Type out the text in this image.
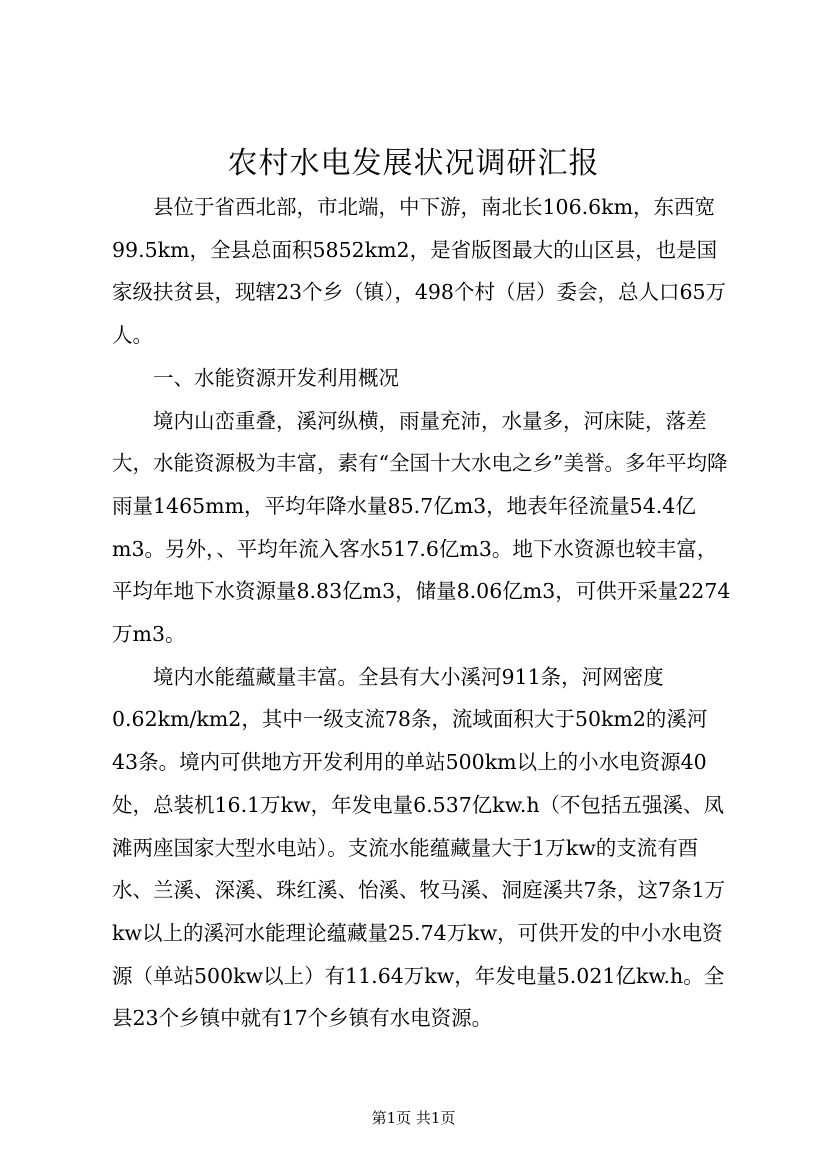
农村水电发展状况调研汇报

县位于省西北部，市北端，中下游，南北长106.6km，东西宽99.5km，全县总面积5852km2，是省版图最大的山区县，也是国家级扶贫县，现辖23个乡（镇），498个村（居）委会，总人口65万人。

一、水能资源开发利用概况

境内山峦重叠，溪河纵横，雨量充沛，水量多，河床陡，落差大，水能资源极为丰富，素有“全国十大水电之乡”美誉。多年平均降雨量1465mm，平均年降水量85.7亿m3，地表年径流量54.4亿m3。另外，、平均年流入客水517.6亿m3。地下水资源也较丰富，平均年地下水资源量8.83亿m3，储量8.06亿m3，可供开采量2274万m3。

境内水能蕴藏量丰富。全县有大小溪河911条，河网密度0.62km/km2，其中一级支流78条，流域面积大于50km2的溪河43条。境内可供地方开发利用的单站500km以上的小水电资源40处，总装机16.1万kw，年发电量6.537亿kw.h（不包括五强溪、凤滩两座国家大型水电站）。支流水能蕴藏量大于1万kw的支流有酉水、兰溪、深溪、珠红溪、怡溪、牧马溪、洞庭溪共7条，这7条1万kw以上的溪河水能理论蕴藏量25.74万kw，可供开发的中小水电资源（单站500kw以上）有11.64万kw，年发电量5.021亿kw.h。全县23个乡镇中就有17个乡镇有水电资源。

第1页 共1页
